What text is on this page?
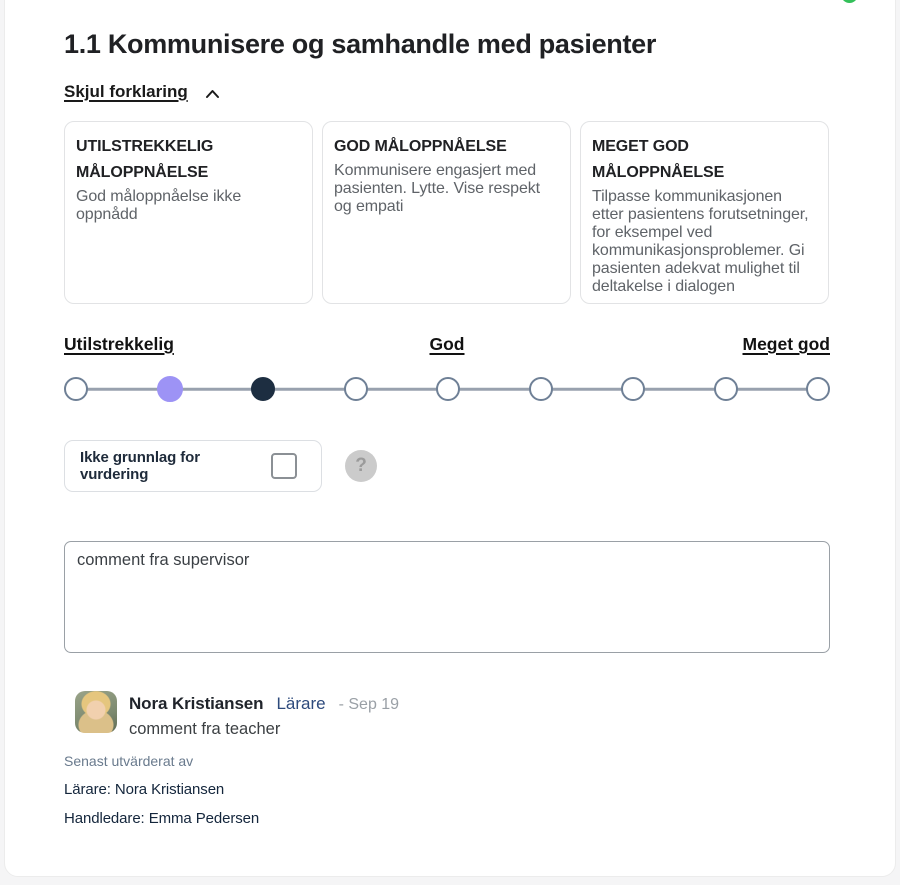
1.1 Kommunisere og samhandle med pasienter
Skjul forklaring
UTILSTREKKELIG MÅLOPPNÅELSE
God måloppnåelse ikke oppnådd
GOD MÅLOPPNÅELSE
Kommunisere engasjert med pasienten. Lytte. Vise respekt og empati
MEGET GOD MÅLOPPNÅELSE
Tilpasse kommunikasjonen etter pasientens forutsetninger, for eksempel ved kommunikasjonsproblemer. Gi pasienten adekvat mulighet til deltakelse i dialogen
Utilstrekkelig	God	Meget god
Ikke grunnlag for vurdering	?
comment fra supervisor
Nora Kristiansen Lärare - Sep 19
comment fra teacher
Senast utvärderat av
Lärare: Nora Kristiansen
Handledare: Emma Pedersen
